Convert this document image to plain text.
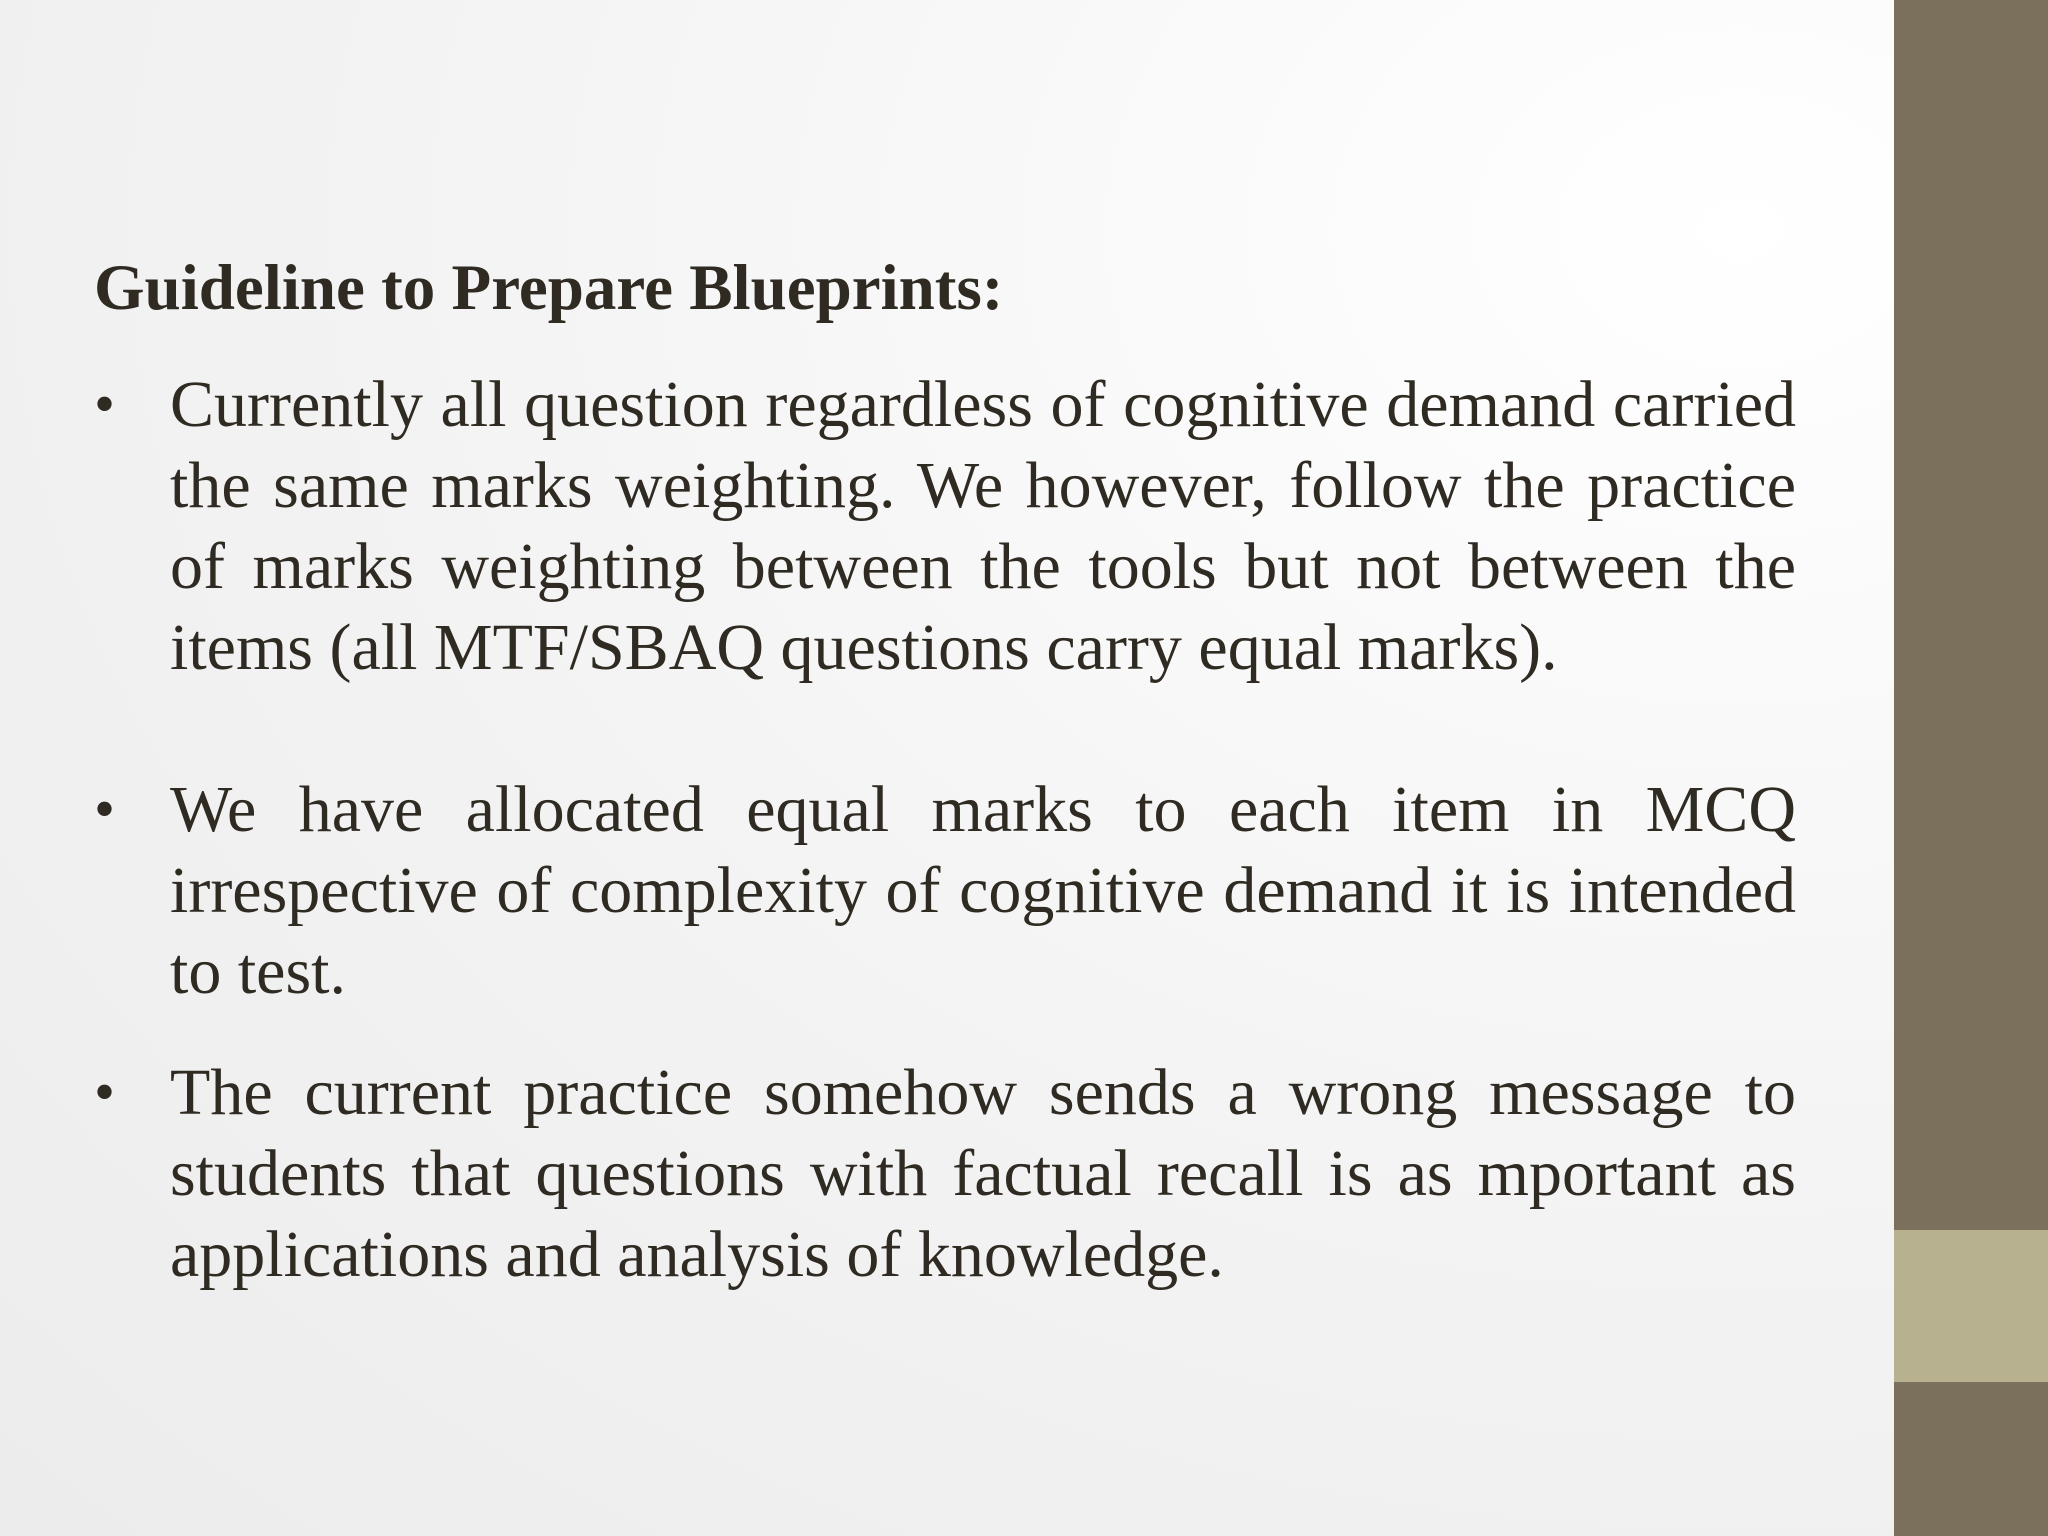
Guideline to Prepare Blueprints:
• Currently all question regardless of cognitive demand carried the same marks weighting. We however, follow the practice of marks weighting between the tools but not between the items (all MTF/SBAQ questions carry equal marks).
• We have allocated equal marks to each item in MCQ irrespective of complexity of cognitive demand it is intended to test.
• The current practice somehow sends a wrong message to students that questions with factual recall is as mportant as applications and analysis of knowledge.
